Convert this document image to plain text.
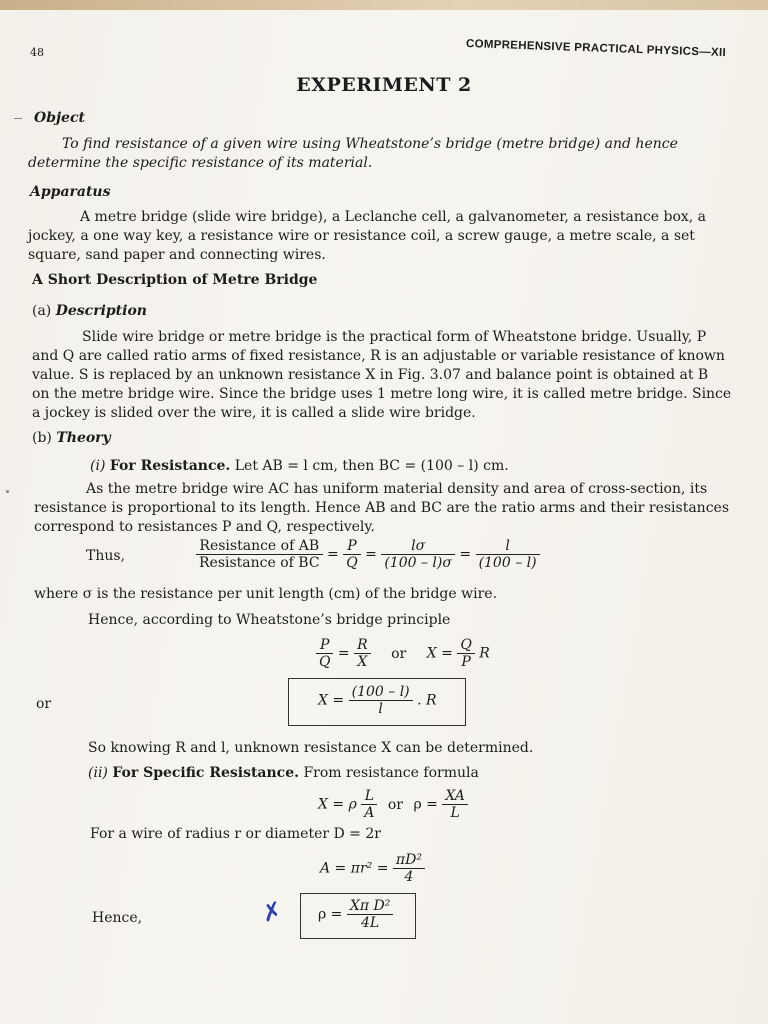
48	COMPREHENSIVE PRACTICAL PHYSICS—XII
EXPERIMENT 2
Object
To find resistance of a given wire using Wheatstone’s bridge (metre bridge) and hence
determine the specific resistance of its material.
Apparatus
A metre bridge (slide wire bridge), a Leclanche cell, a galvanometer, a resistance box, a
jockey, a one way key, a resistance wire or resistance coil, a screw gauge, a metre scale, a set
square, sand paper and connecting wires.
A Short Description of Metre Bridge
(a) Description
Slide wire bridge or metre bridge is the practical form of Wheatstone bridge. Usually, P
and Q are called ratio arms of fixed resistance, R is an adjustable or variable resistance of known
value. S is replaced by an unknown resistance X in Fig. 3.07 and balance point is obtained at B
on the metre bridge wire. Since the bridge uses 1 metre long wire, it is called metre bridge. Since
a jockey is slided over the wire, it is called a slide wire bridge.
(b) Theory
(i) For Resistance. Let AB = l cm, then BC = (100 – l) cm.
As the metre bridge wire AC has uniform material density and area of cross-section, its
resistance is proportional to its length. Hence AB and BC are the ratio arms and their resistances
correspond to resistances P and Q, respectively.
Thus,	$\frac{\text{Resistance of AB}}{\text{Resistance of BC}} = \frac{P}{Q} = \frac{l\sigma}{(100 - l)\sigma} = \frac{l}{(100 - l)}$
where σ is the resistance per unit length (cm) of the bridge wire.
Hence, according to Wheatstone’s bridge principle
$\frac{P}{Q} = \frac{R}{X}$ or $X = \frac{Q}{P}$ R
or	$X = \frac{(100 - l)}{l}$ . R
So knowing R and l, unknown resistance X can be determined.
(ii) For Specific Resistance. From resistance formula
X = ρ $\frac{L}{A}$ or $\rho = \frac{XA}{L}$
For a wire of radius r or diameter D = 2r
$A = \pi r^2 = \frac{\text{πD²}}{4}$
Hence,	✗ $\rho = \frac{\text{Xπ D²}}{4L}$
